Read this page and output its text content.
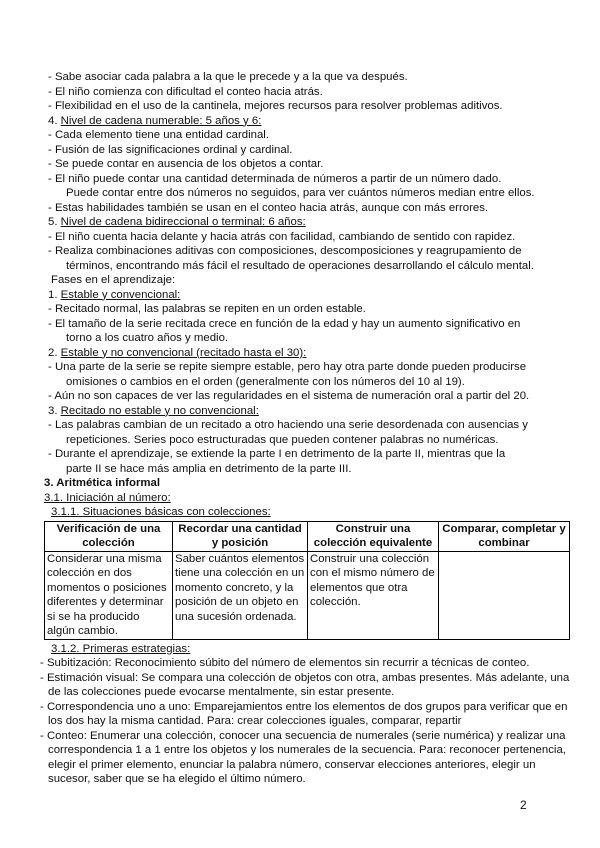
- Sabe asociar cada palabra a la que le precede y a la que va después.
- El niño comienza con dificultad el conteo hacia atrás.
- Flexibilidad en el uso de la cantinela, mejores recursos para resolver problemas aditivos.
4. Nivel de cadena numerable: 5 años y 6:
- Cada elemento tiene una entidad cardinal.
- Fusión de las significaciones ordinal y cardinal.
- Se puede contar en ausencia de los objetos a contar.
- El niño puede contar una cantidad determinada de números a partir de un número dado.
Puede contar entre dos números no seguidos, para ver cuántos números median entre ellos.
- Estas habilidades también se usan en el conteo hacia atrás, aunque con más errores.
5. Nivel de cadena bidireccional o terminal: 6 años:
- El niño cuenta hacia delante y hacia atrás con facilidad, cambiando de sentido con rapidez.
- Realiza combinaciones aditivas con composiciones, descomposiciones y reagrupamiento de
términos, encontrando más fácil el resultado de operaciones desarrollando el cálculo mental.
Fases en el aprendizaje:
1. Estable y convencional:
- Recitado normal, las palabras se repiten en un orden estable.
- El tamaño de la serie recitada crece en función de la edad y hay un aumento significativo en
torno a los cuatro años y medio.
2. Estable y no convencional (recitado hasta el 30):
- Una parte de la serie se repite siempre estable, pero hay otra parte donde pueden producirse
omisiones o cambios en el orden (generalmente con los números del 10 al 19).
- Aún no son capaces de ver las regularidades en el sistema de numeración oral a partir del 20.
3. Recitado no estable y no convencional:
- Las palabras cambian de un recitado a otro haciendo una serie desordenada con ausencias y
repeticiones. Series poco estructuradas que pueden contener palabras no numéricas.
- Durante el aprendizaje, se extiende la parte I en detrimento de la parte II, mientras que la
parte II se hace más amplia en detrimento de la parte III.
3. Aritmética informal
3.1. Iniciación al número:
3.1.1. Situaciones básicas con colecciones:
Verificación de una colección	Recordar una cantidad y posición	Construir una colección equivalente	Comparar, completar y combinar
Considerar una misma colección en dos momentos o posiciones diferentes y determinar si se ha producido algún cambio.	Saber cuántos elementos tiene una colección en un momento concreto, y la posición de un objeto en una sucesión ordenada.	Construir una colección con el mismo número de elementos que otra colección.	
3.1.2. Primeras estrategias:
- Subitización: Reconocimiento súbito del número de elementos sin recurrir a técnicas de conteo.
- Estimación visual: Se compara una colección de objetos con otra, ambas presentes. Más adelante, una de las colecciones puede evocarse mentalmente, sin estar presente.
- Correspondencia uno a uno: Emparejamientos entre los elementos de dos grupos para verificar que en los dos hay la misma cantidad. Para: crear colecciones iguales, comparar, repartir
- Conteo: Enumerar una colección, conocer una secuencia de numerales (serie numérica) y realizar una correspondencia 1 a 1 entre los objetos y los numerales de la secuencia. Para: reconocer pertenencia, elegir el primer elemento, enunciar la palabra número, conservar elecciones anteriores, elegir un sucesor, saber que se ha elegido el último número.
2
